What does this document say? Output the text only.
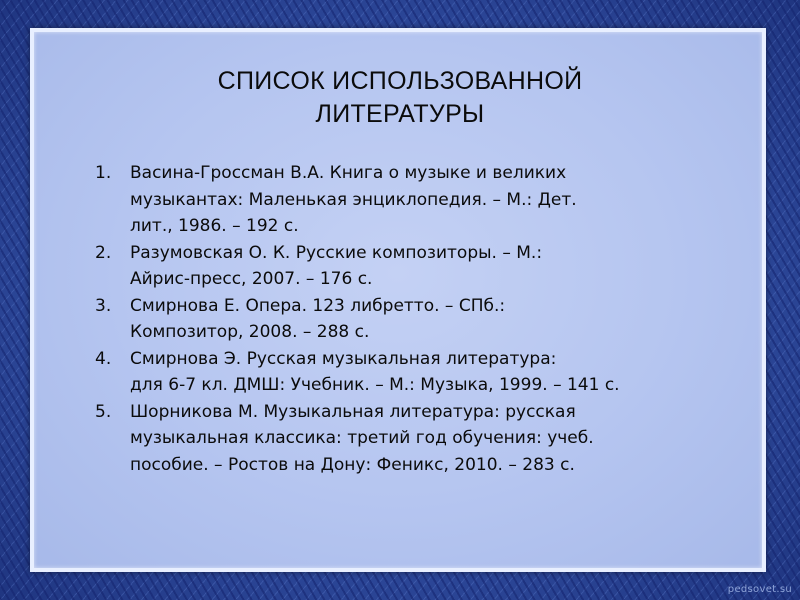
СПИСОК ИСПОЛЬЗОВАННОЙ
ЛИТЕРАТУРЫ
1.	Васина-Гроссман В.А. Книга о музыке и великих
музыкантах: Маленькая энциклопедия. – М.: Дет.
лит., 1986. – 192 с.
2.	Разумовская О. К. Русские композиторы. – М.:
Айрис-пресс, 2007. – 176 с.
3.	Смирнова Е. Опера. 123 либретто. – СПб.:
Композитор, 2008. – 288 с.
4.	Смирнова Э. Русская музыкальная литература:
для 6-7 кл. ДМШ: Учебник. – М.: Музыка, 1999. – 141 с.
5.	Шорникова М. Музыкальная литература: русская
музыкальная классика: третий год обучения: учеб.
пособие. – Ростов на Дону: Феникс, 2010. – 283 с.
pedsovet.su
